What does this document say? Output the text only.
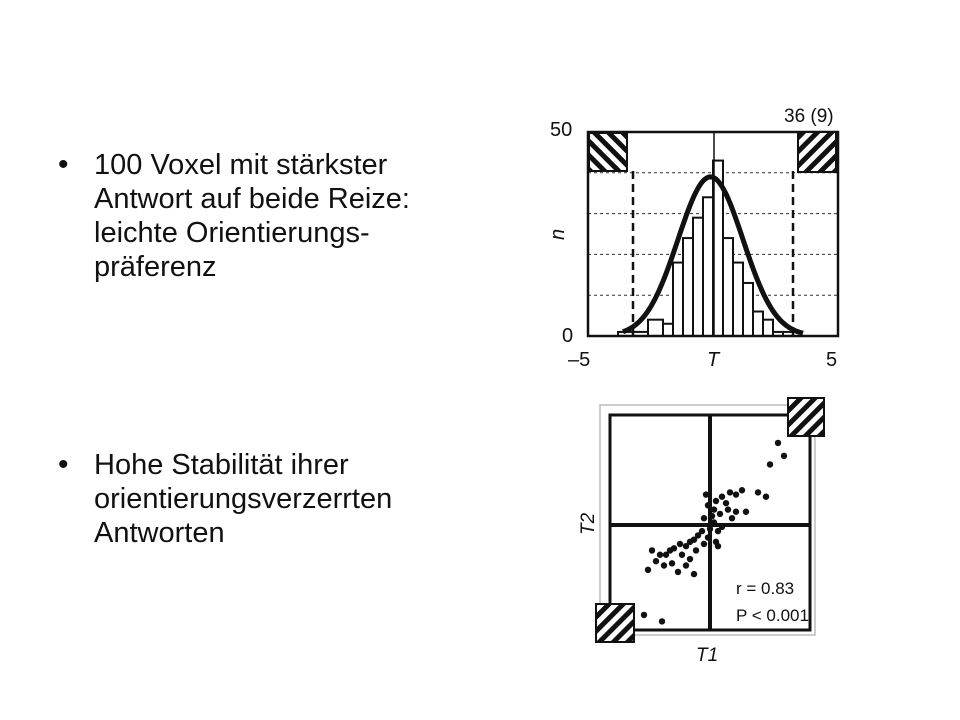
• 100 Voxel mit stärkster
Antwort auf beide Reize:
leichte Orientierungs-
präferenz
• Hohe Stabilität ihrer
orientierungsverzerrten
Antworten
50
0
n
–5	T	5
36 (9)
r = 0.83
P < 0.001
T1
T2
